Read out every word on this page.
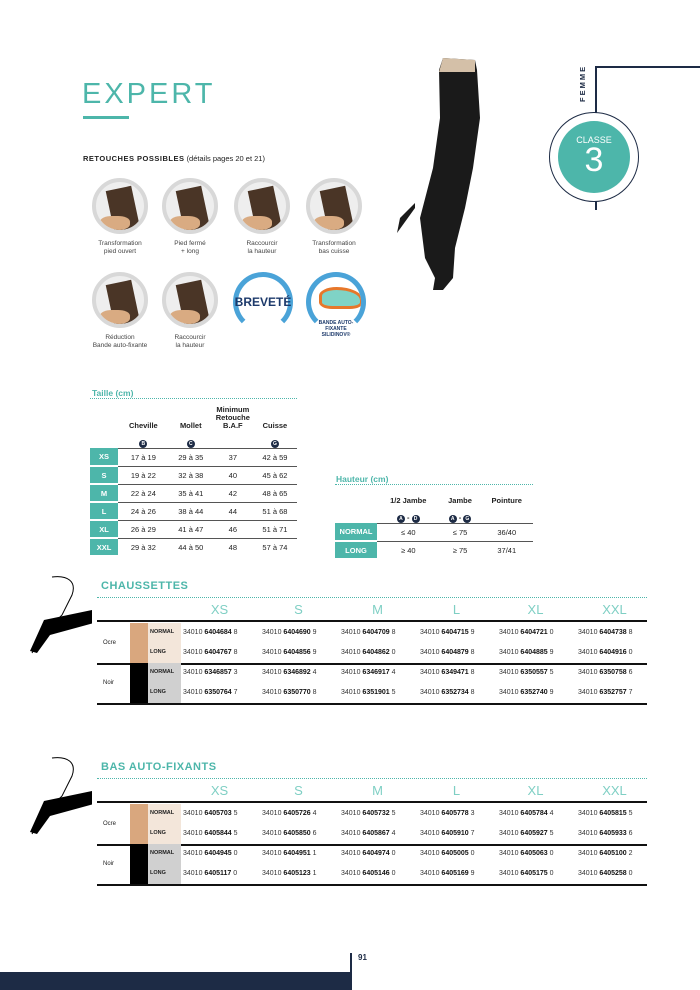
EXPERT
RETOUCHES POSSIBLES (détails pages 20 et 21)
Transformation
pied ouvert
Pied fermé
+ long
Raccourcir
la hauteur
Transformation
bas cuisse
Réduction
Bande auto-fixante
Raccourcir
la hauteur
BREVETÉ
BANDE AUTO-FIXANTE SILIDINOV®
FEMME
CLASSE
3
Taille (cm)
	Cheville	Mollet	Minimum Retouche B.A.F	Cuisse
	B	C		G
XS	17 à 19	29 à 35	37	42 à 59
S	19 à 22	32 à 38	40	45 à 62
M	22 à 24	35 à 41	42	48 à 65
L	24 à 26	38 à 44	44	51 à 68
XL	26 à 29	41 à 47	46	51 à 71
XXL	29 à 32	44 à 50	48	57 à 74
Hauteur (cm)
	1/2 Jambe	Jambe	Pointure
	A - D	A - G	
NORMAL	≤ 40	≤ 75	36/40
LONG	≥ 40	≥ 75	37/41
CHAUSSETTES
XS	S	M	L	XL	XXL
Ocre
NORMAL 34010 6404684 8	34010 6404690 9	34010 6404709 8	34010 6404715 9	34010 6404721 0	34010 6404738 8
LONG 34010 6404767 8	34010 6404856 9	34010 6404862 0	34010 6404879 8	34010 6404885 9	34010 6404916 0
Noir
NORMAL 34010 6346857 3	34010 6346892 4	34010 6346917 4	34010 6349471 8	34010 6350557 5	34010 6350758 6
LONG 34010 6350764 7	34010 6350770 8	34010 6351901 5	34010 6352734 8	34010 6352740 9	34010 6352757 7
BAS AUTO-FIXANTS
XS	S	M	L	XL	XXL
Ocre
NORMAL 34010 6405703 5	34010 6405726 4	34010 6405732 5	34010 6405778 3	34010 6405784 4	34010 6405815 5
LONG 34010 6405844 5	34010 6405850 6	34010 6405867 4	34010 6405910 7	34010 6405927 5	34010 6405933 6
Noir
NORMAL 34010 6404945 0	34010 6404951 1	34010 6404974 0	34010 6405005 0	34010 6405063 0	34010 6405100 2
LONG 34010 6405117 0	34010 6405123 1	34010 6405146 0	34010 6405169 9	34010 6405175 0	34010 6405258 0
91
